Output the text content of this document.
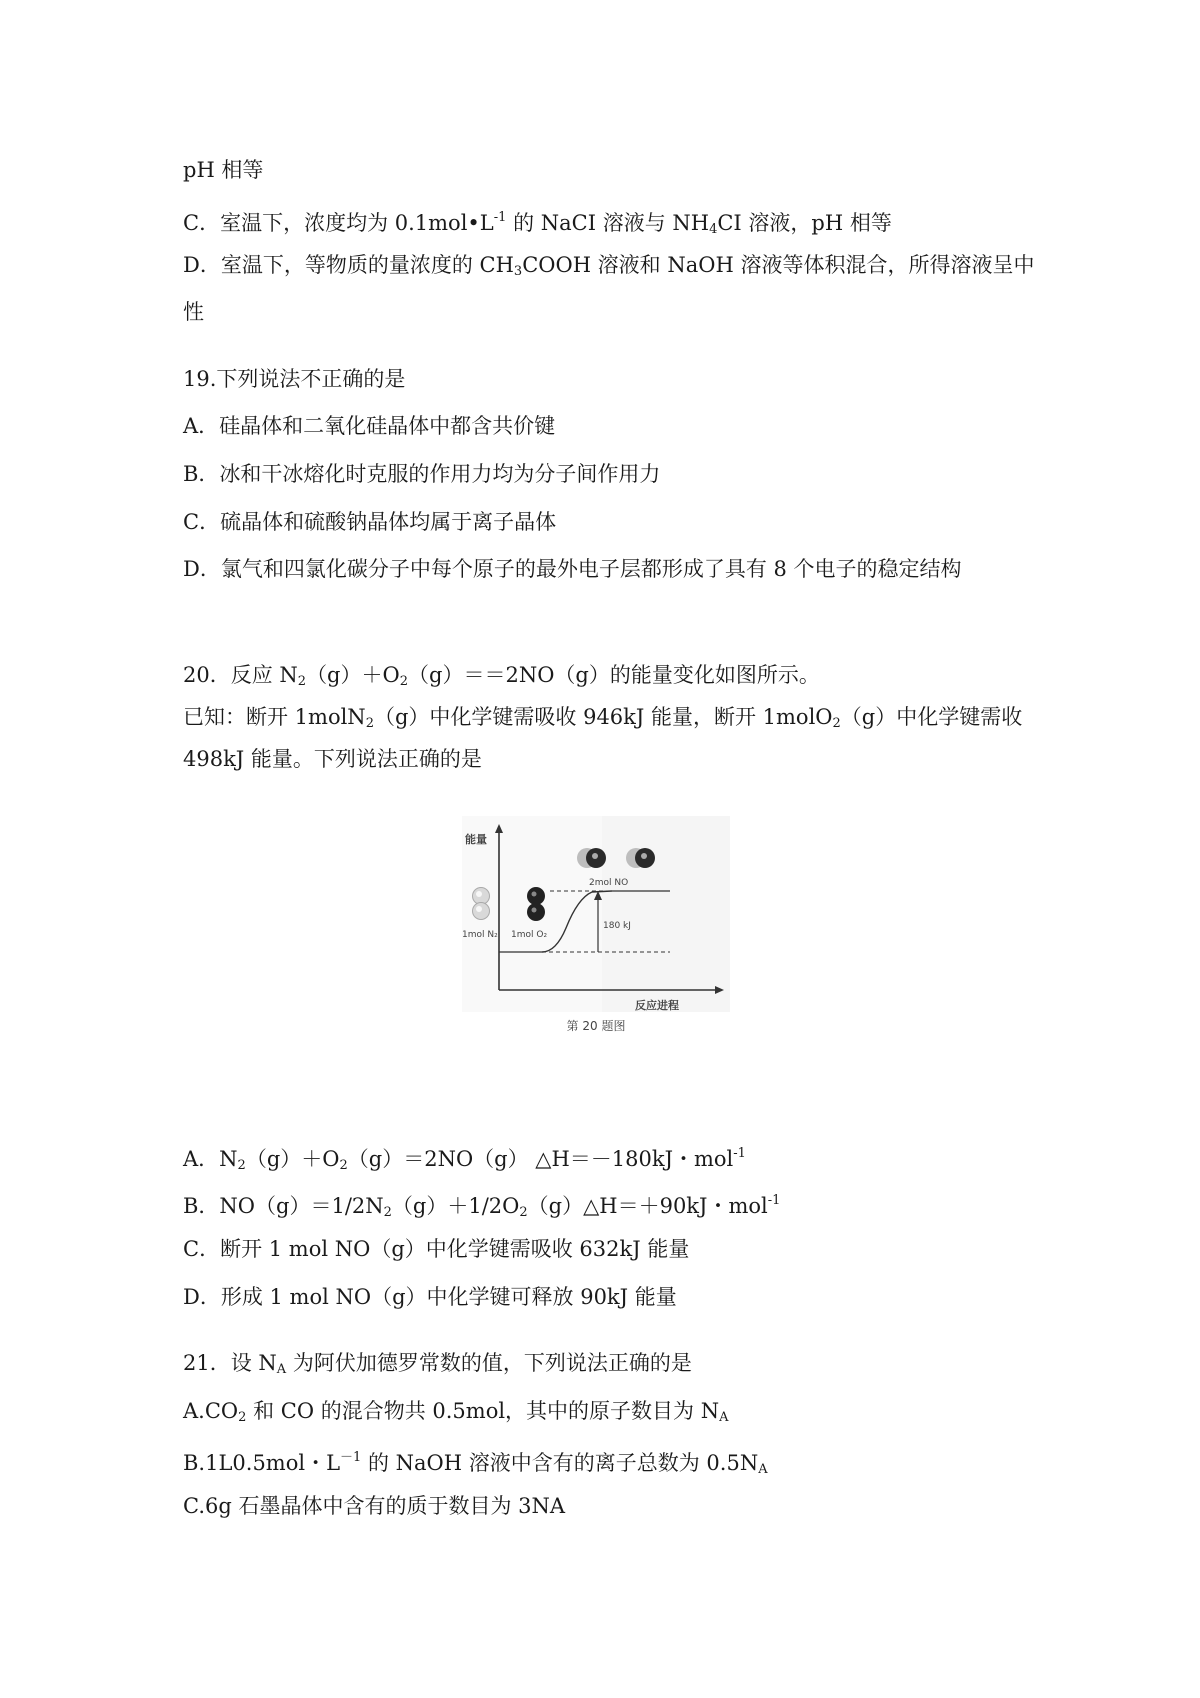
pH 相等
C．室温下，浓度均为 $0.1mol•L^{-1}$ 的 NaCI 溶液与 $NH_4CI$ 溶液，pH 相等
D．室温下，等物质的量浓度的 $CH_3COOH$ 溶液和 NaOH 溶液等体积混合，所得溶液呈中
性
19.下列说法不正确的是
A．硅晶体和二氧化硅晶体中都含共价键
B．冰和干冰熔化时克服的作用力均为分子间作用力
C．硫晶体和硫酸钠晶体均属于离子晶体
D．氯气和四氯化碳分子中每个原子的最外电子层都形成了具有 8 个电子的稳定结构
20．反应 $N_2(g)+O_2(g)==2NO(g)$的能量变化如图所示。
已知：断开 1molN$_2$（g）中化学键需吸收 946kJ 能量，断开 1molO$_2$（g）中化学键需收
498kJ 能量。下列说法正确的是
能量
反应进程
180 kJ
1mol N₂ 1mol O₂
2mol NO
第 20 题图
A．$N_2(g)+O_2(g)=2NO(g)$ △H＝－180kJ・mol$^{-1}$
B．$NO(g)=1/2N_2(g)+1/2O_2(g)\triangle H=+90kJ$・mol$^{-1}$
C．断开 1 mol NO（g）中化学键需吸收 632kJ 能量
D．形成 1 mol NO（g）中化学键可释放 90kJ 能量
21．设 $N_A$ 为阿伏加德罗常数的值，下列说法正确的是
$A.CO_2$ 和 CO 的混合物共 0.5mol，其中的原子数目为 $N_A$
B.1L0.5mol・$L^{-1}$ 的 NaOH 溶液中含有的离子总数为 $0.5N_A$
C.6g 石墨晶体中含有的质于数目为 3NA
